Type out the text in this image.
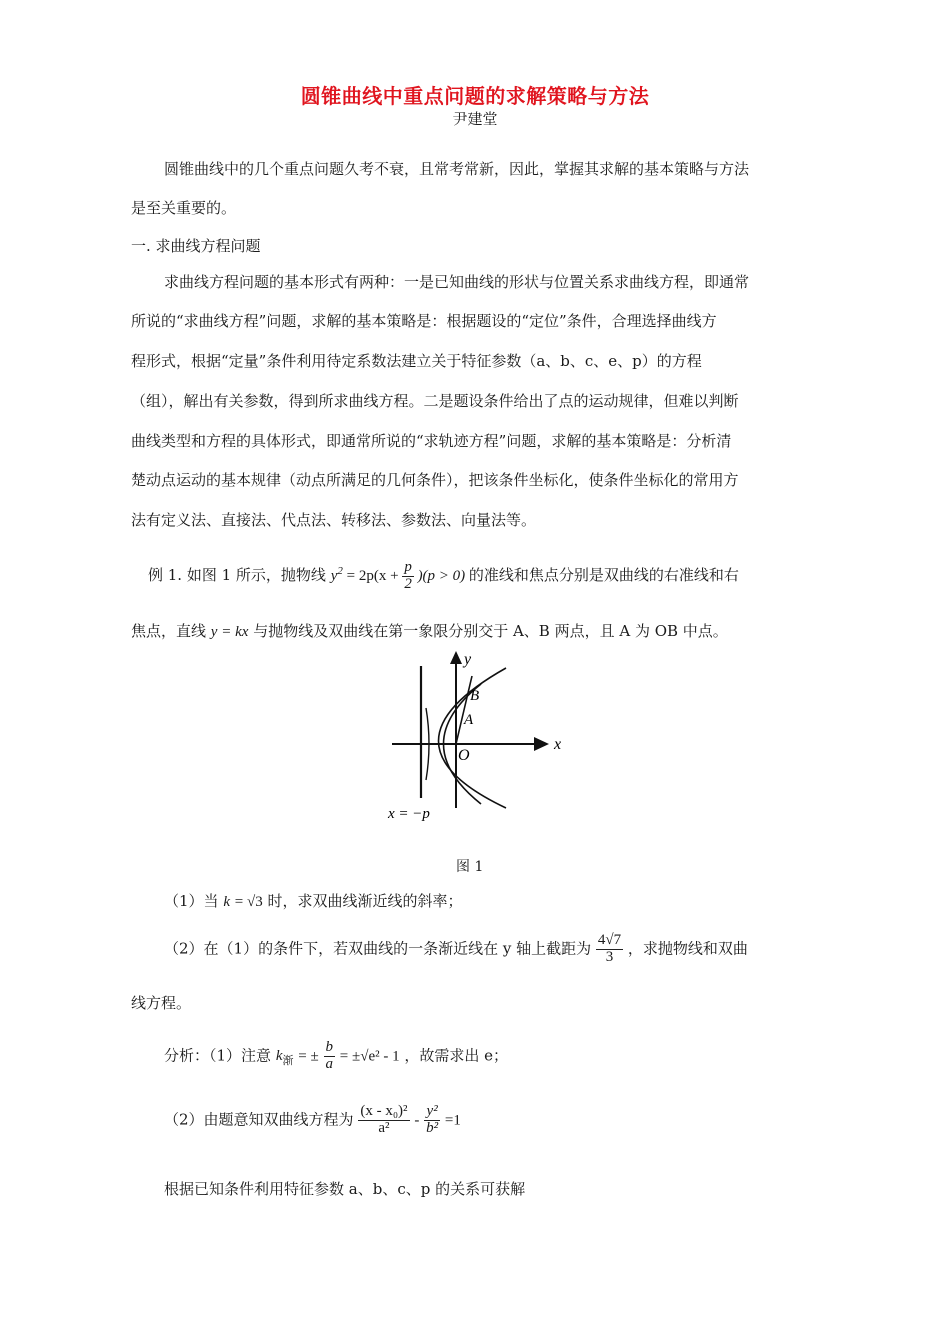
圆锥曲线中重点问题的求解策略与方法
尹建堂
圆锥曲线中的几个重点问题久考不衰，且常考常新，因此，掌握其求解的基本策略与方法
是至关重要的。
一. 求曲线方程问题
求曲线方程问题的基本形式有两种：一是已知曲线的形状与位置关系求曲线方程，即通常
所说的“求曲线方程”问题，求解的基本策略是：根据题设的“定位”条件，合理选择曲线方
程形式，根据“定量”条件利用待定系数法建立关于特征参数（a、b、c、e、p）的方程
（组），解出有关参数，得到所求曲线方程。二是题设条件给出了点的运动规律，但难以判断
曲线类型和方程的具体形式，即通常所说的“求轨迹方程”问题，求解的基本策略是：分析清
楚动点运动的基本规律（动点所满足的几何条件），把该条件坐标化，使条件坐标化的常用方
法有定义法、直接法、代点法、转移法、参数法、向量法等。
例 1. 如图 1 所示，抛物线 $y^2 = 2p(x + \frac{p}{2} )(p > 0)$ 的准线和焦点分别是双曲线的右准线和右
焦点，直线 y = kx 与抛物线及双曲线在第一象限分别交于 A、B 两点，且 A 为 OB 中点。
O
A
B
x
y
x = −p
图 1
（1）当 k = √3 时，求双曲线渐近线的斜率；
（2）在（1）的条件下，若双曲线的一条渐近线在 y 轴上截距为 $\frac{4√7}{3}$ ，求抛物线和双曲
线方程。
分析：（1）注意 $k_渐$ = ± $\frac{b}{a} = \pm√e^2 - 1$ ，故需求出 e；
（2）由题意知双曲线方程为 $\frac{\text{(x - x₀)²}}{\text{a²}} - \frac{\text{y²}}{\text{b²}} =1$
根据已知条件利用特征参数 a、b、c、p 的关系可获解
